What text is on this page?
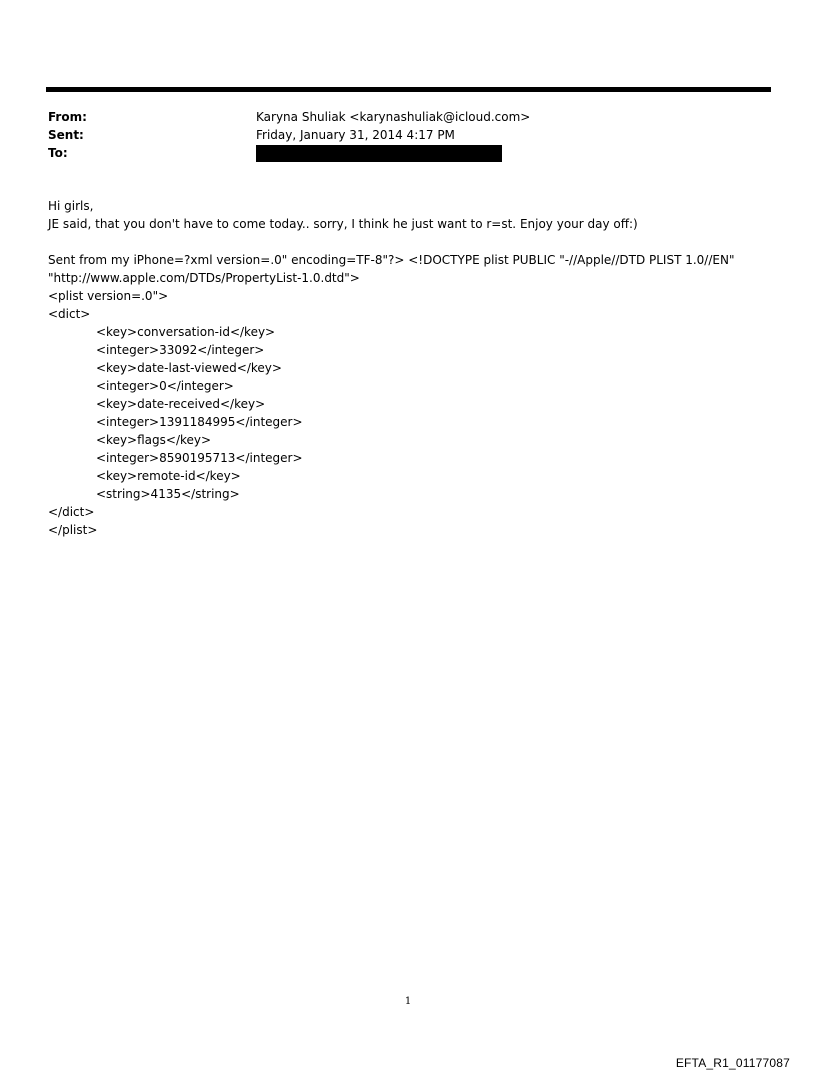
From:	Karyna Shuliak <karynashuliak@icloud.com>
Sent:	Friday, January 31, 2014 4:17 PM
To:
Hi girls,
JE said, that you don't have to come today.. sorry, I think he just want to r=st. Enjoy your day off:)
Sent from my iPhone=?xml version=.0" encoding=TF-8"?> <!DOCTYPE plist PUBLIC "-//Apple//DTD PLIST 1.0//EN"
"http://www.apple.com/DTDs/PropertyList-1.0.dtd">
<plist version=.0">
<dict>
<key>conversation-id</key>
<integer>33092</integer>
<key>date-last-viewed</key>
<integer>0</integer>
<key>date-received</key>
<integer>1391184995</integer>
<key>flags</key>
<integer>8590195713</integer>
<key>remote-id</key>
<string>4135</string>
</dict>
</plist>
1
EFTA_R1_01177087
